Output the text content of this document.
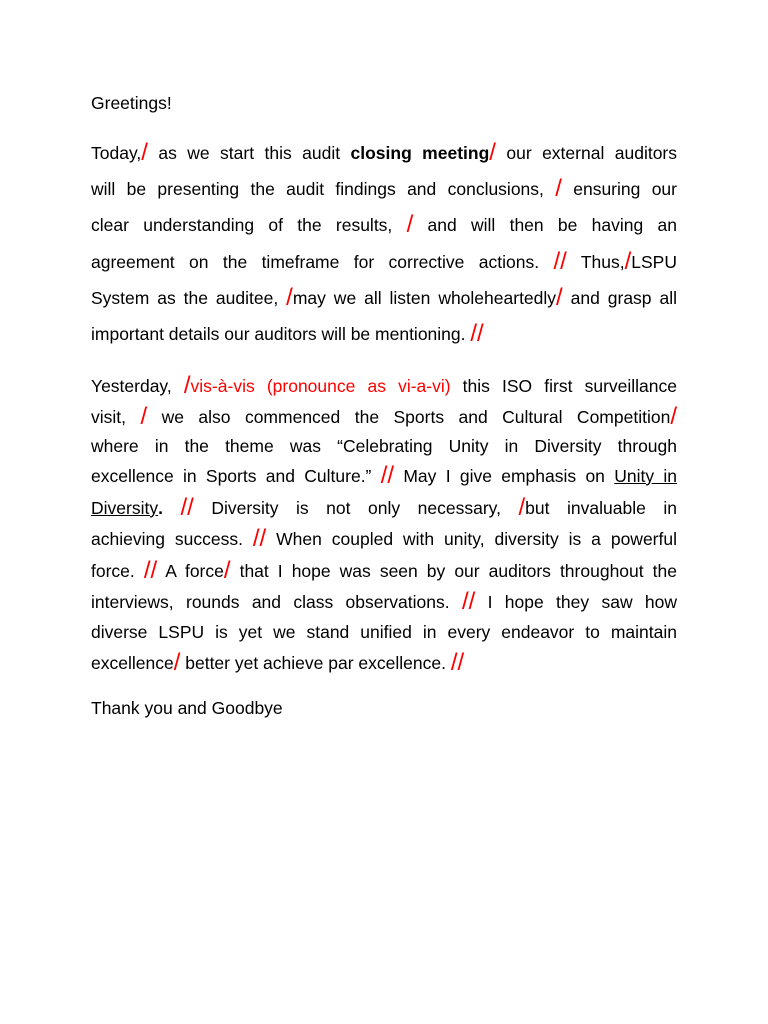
Greetings!

Today,/ as we start this audit closing meeting/ our external auditors
will be presenting the audit findings and conclusions, / ensuring our
clear understanding of the results, / and will then be having an
agreement on the timeframe for corrective actions. // Thus,/LSPU
System as the auditee, /may we all listen wholeheartedly/ and grasp all
important details our auditors will be mentioning. //
Yesterday, /vis-à-vis (pronounce as vi-a-vi) this ISO first surveillance
visit, / we also commenced the Sports and Cultural Competition/
where in the theme was “Celebrating Unity in Diversity through
excellence in Sports and Culture.” // May I give emphasis on Unity in
Diversity. // Diversity is not only necessary, /but invaluable in
achieving success. // When coupled with unity, diversity is a powerful
force. // A force/ that I hope was seen by our auditors throughout the
interviews, rounds and class observations. // I hope they saw how
diverse LSPU is yet we stand unified in every endeavor to maintain
excellence/ better yet achieve par excellence. //

Thank you and Goodbye
